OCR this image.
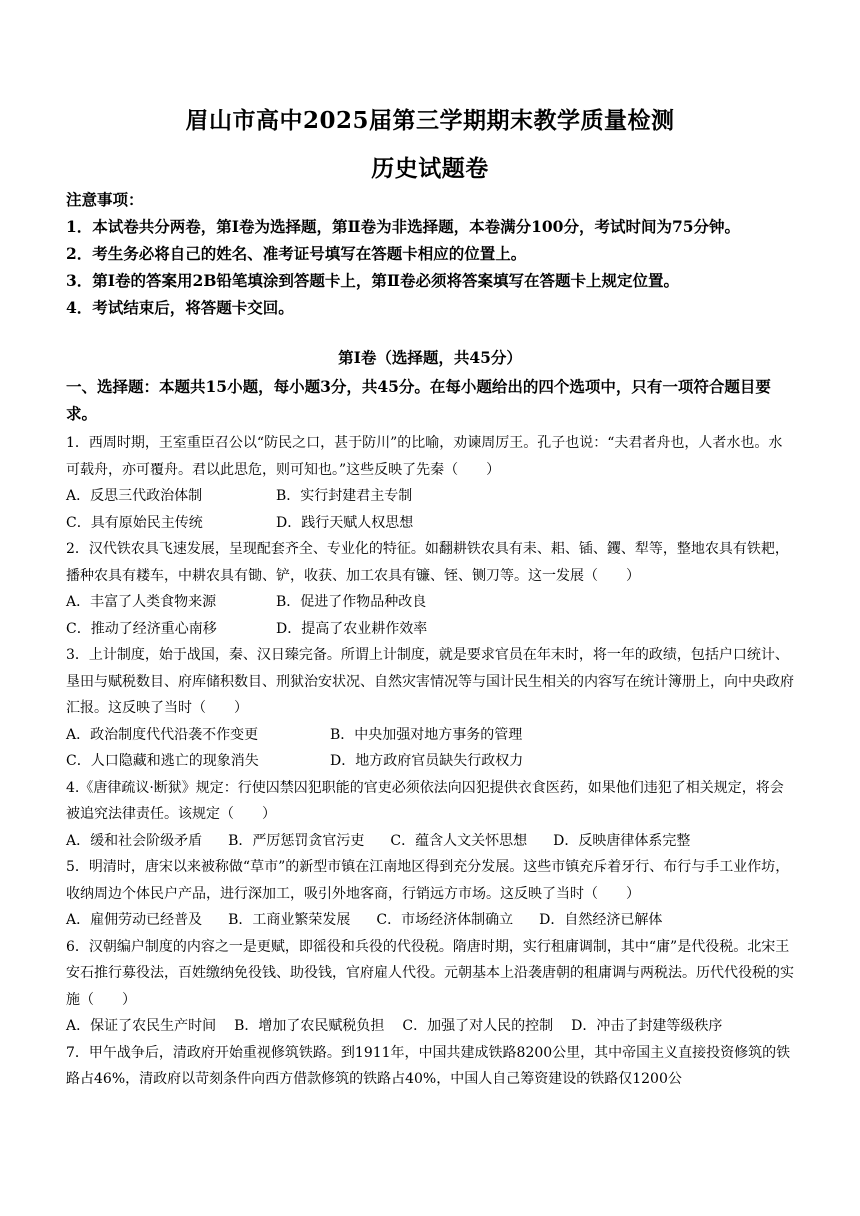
眉山市高中2025届第三学期期末教学质量检测
历史试题卷
注意事项：

1．本试卷共分两卷，第Ⅰ卷为选择题，第Ⅱ卷为非选择题，本卷满分100分，考试时间为75分钟。

2．考生务必将自己的姓名、准考证号填写在答题卡相应的位置上。

3．第Ⅰ卷的答案用2B铅笔填涂到答题卡上，第Ⅱ卷必须将答案填写在答题卡上规定位置。

4．考试结束后，将答题卡交回。

第Ⅰ卷（选择题，共45分）
一、选择题：本题共15小题，每小题3分，共45分。在每小题给出的四个选项中，只有一项符合题目要求。

1．西周时期，王室重臣召公以“防民之口，甚于防川”的比喻，劝谏周厉王。孔子也说：“夫君者舟也，人者水也。水可载舟，亦可覆舟。君以此思危，则可知也。”这些反映了先秦（　　）

A．反思三代政治体制	B．实行封建君主专制
C．具有原始民主传统	D．践行天赋人权思想

2．汉代铁农具飞速发展，呈现配套齐全、专业化的特征。如翻耕铁农具有耒、耜、锸、钁、犁等，整地农具有铁耙，播种农具有耧车，中耕农具有锄、铲，收获、加工农具有镰、铚、铡刀等。这一发展（　　）

A．丰富了人类食物来源	B．促进了作物品种改良
C．推动了经济重心南移	D．提高了农业耕作效率

3．上计制度，始于战国，秦、汉日臻完备。所谓上计制度，就是要求官员在年末时，将一年的政绩，包括户口统计、垦田与赋税数目、府库储积数目、刑狱治安状况、自然灾害情况等与国计民生相关的内容写在统计簿册上，向中央政府汇报。这反映了当时（　　）

A．政治制度代代沿袭不作变更	B．中央加强对地方事务的管理
C．人口隐藏和逃亡的现象消失	D．地方政府官员缺失行政权力

4.《唐律疏议·断狱》规定：行使囚禁囚犯职能的官吏必须依法向囚犯提供衣食医药，如果他们违犯了相关规定，将会被追究法律责任。该规定（　　）

A．缓和社会阶级矛盾 B．严厉惩罚贪官污吏 C．蕴含人文关怀思想 D．反映唐律体系完整

5．明清时，唐宋以来被称做“草市”的新型市镇在江南地区得到充分发展。这些市镇充斥着牙行、布行与手工业作坊，收纳周边个体民户产品，进行深加工，吸引外地客商，行销远方市场。这反映了当时（　　）

A．雇佣劳动已经普及 B．工商业繁荣发展 C．市场经济体制确立 D．自然经济已解体

6．汉朝编户制度的内容之一是更赋，即徭役和兵役的代役税。隋唐时期，实行租庸调制，其中“庸”是代役税。北宋王安石推行募役法，百姓缴纳免役钱、助役钱，官府雇人代役。元朝基本上沿袭唐朝的租庸调与两税法。历代代役税的实施（　　）

A．保证了农民生产时间 B．增加了农民赋税负担 C．加强了对人民的控制 D．冲击了封建等级秩序

7．甲午战争后，清政府开始重视修筑铁路。到1911年，中国共建成铁路8200公里，其中帝国主义直接投资修筑的铁路占46%，清政府以苛刻条件向西方借款修筑的铁路占40%，中国人自己筹资建设的铁路仅1200公
